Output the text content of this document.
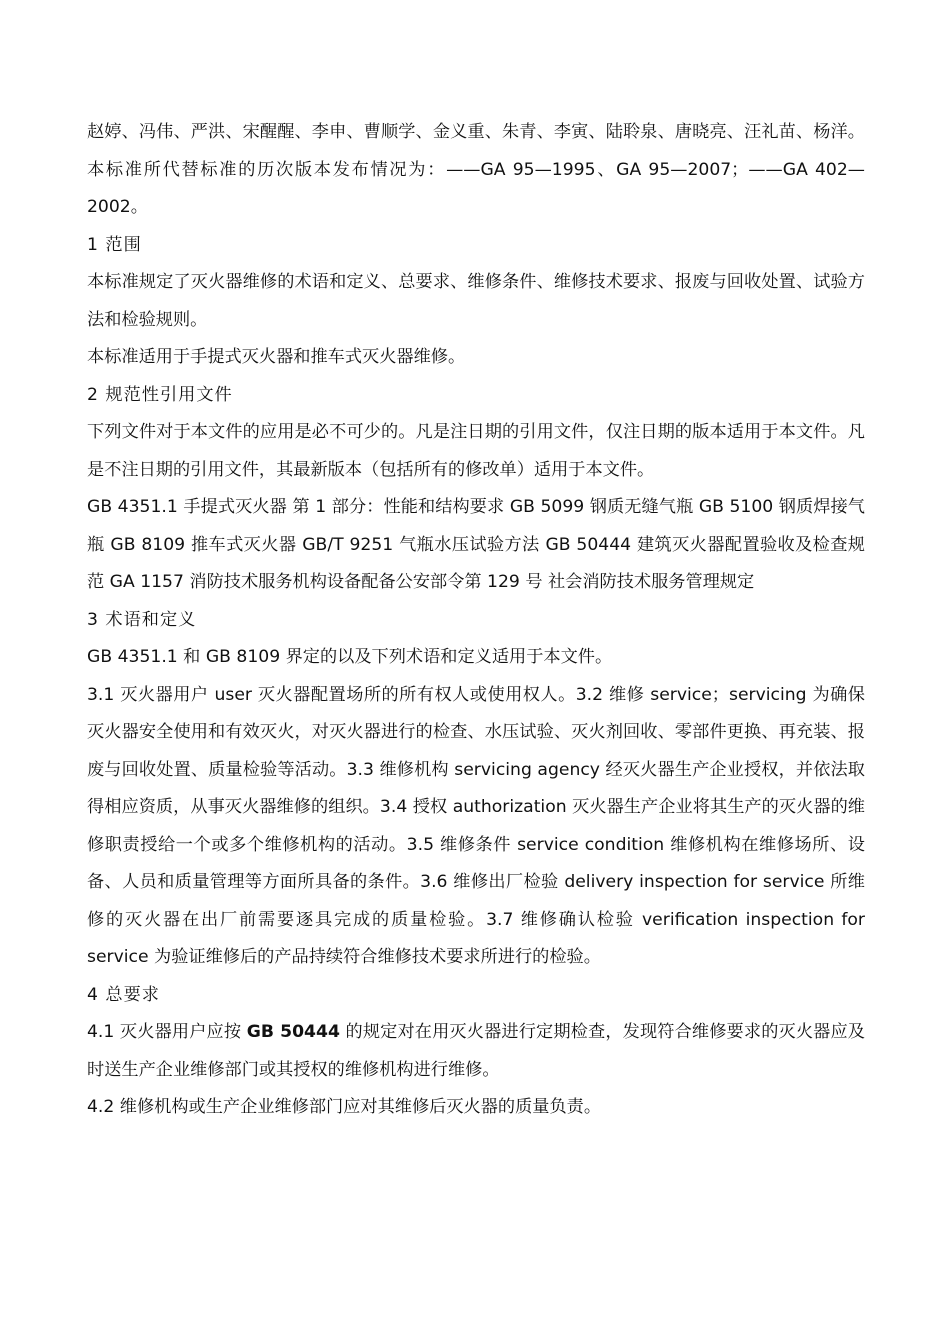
赵婷、冯伟、严洪、宋醒醒、李申、曹顺学、金义重、朱青、李寅、陆聆泉、唐晓亮、汪礼苗、杨洋。本标准所代替标准的历次版本发布情况为：——GA 95—1995、GA 95—2007；——GA 402—2002。

1 范围

本标准规定了灭火器维修的术语和定义、总要求、维修条件、维修技术要求、报废与回收处置、试验方法和检验规则。

本标准适用于手提式灭火器和推车式灭火器维修。

2 规范性引用文件

下列文件对于本文件的应用是必不可少的。凡是注日期的引用文件，仅注日期的版本适用于本文件。凡是不注日期的引用文件，其最新版本（包括所有的修改单）适用于本文件。

GB 4351.1 手提式灭火器 第 1 部分：性能和结构要求 GB 5099 钢质无缝气瓶 GB 5100 钢质焊接气瓶 GB 8109 推车式灭火器 GB/T 9251 气瓶水压试验方法 GB 50444 建筑灭火器配置验收及检查规范 GA 1157 消防技术服务机构设备配备公安部令第 129 号 社会消防技术服务管理规定

3 术语和定义

GB 4351.1 和 GB 8109 界定的以及下列术语和定义适用于本文件。

3.1 灭火器用户 user 灭火器配置场所的所有权人或使用权人。3.2 维修 service；servicing 为确保灭火器安全使用和有效灭火，对灭火器进行的检查、水压试验、灭火剂回收、零部件更换、再充装、报废与回收处置、质量检验等活动。3.3 维修机构 servicing agency 经灭火器生产企业授权，并依法取得相应资质，从事灭火器维修的组织。3.4 授权 authorization 灭火器生产企业将其生产的灭火器的维修职责授给一个或多个维修机构的活动。3.5 维修条件 service condition 维修机构在维修场所、设备、人员和质量管理等方面所具备的条件。3.6 维修出厂检验 delivery inspection for service 所维修的灭火器在出厂前需要逐具完成的质量检验。3.7 维修确认检验 verification inspection for service 为验证维修后的产品持续符合维修技术要求所进行的检验。

4 总要求

4.1 灭火器用户应按 GB 50444 的规定对在用灭火器进行定期检查，发现符合维修要求的灭火器应及时送生产企业维修部门或其授权的维修机构进行维修。

4.2 维修机构或生产企业维修部门应对其维修后灭火器的质量负责。
